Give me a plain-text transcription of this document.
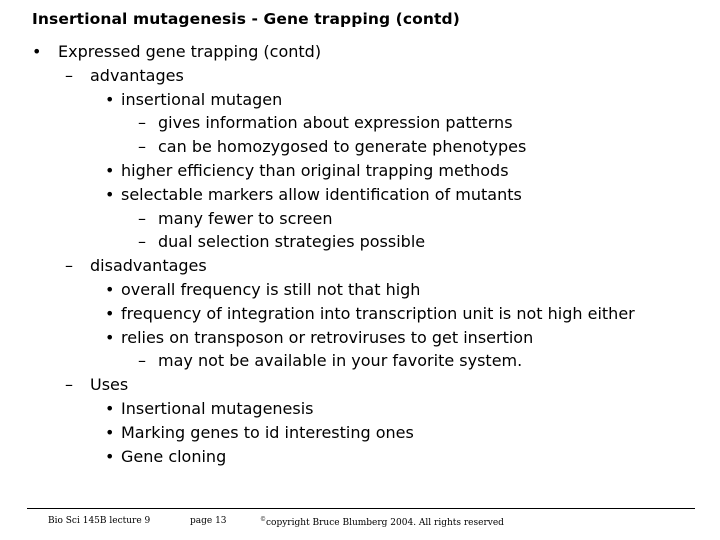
Insertional mutagenesis - Gene trapping (contd)
• Expressed gene trapping (contd)
– advantages
• insertional mutagen
– gives information about expression patterns
– can be homozygosed to generate phenotypes
• higher efficiency than original trapping methods
• selectable markers allow identification of mutants
– many fewer to screen
– dual selection strategies possible
– disadvantages
• overall frequency is still not that high
• frequency of integration into transcription unit is not high either
• relies on transposon or retroviruses to get insertion
– may not be available in your favorite system.
– Uses
• Insertional mutagenesis
• Marking genes to id interesting ones
• Gene cloning
Bio Sci 145B lecture 9	page 13	©copyright Bruce Blumberg 2004. All rights reserved
